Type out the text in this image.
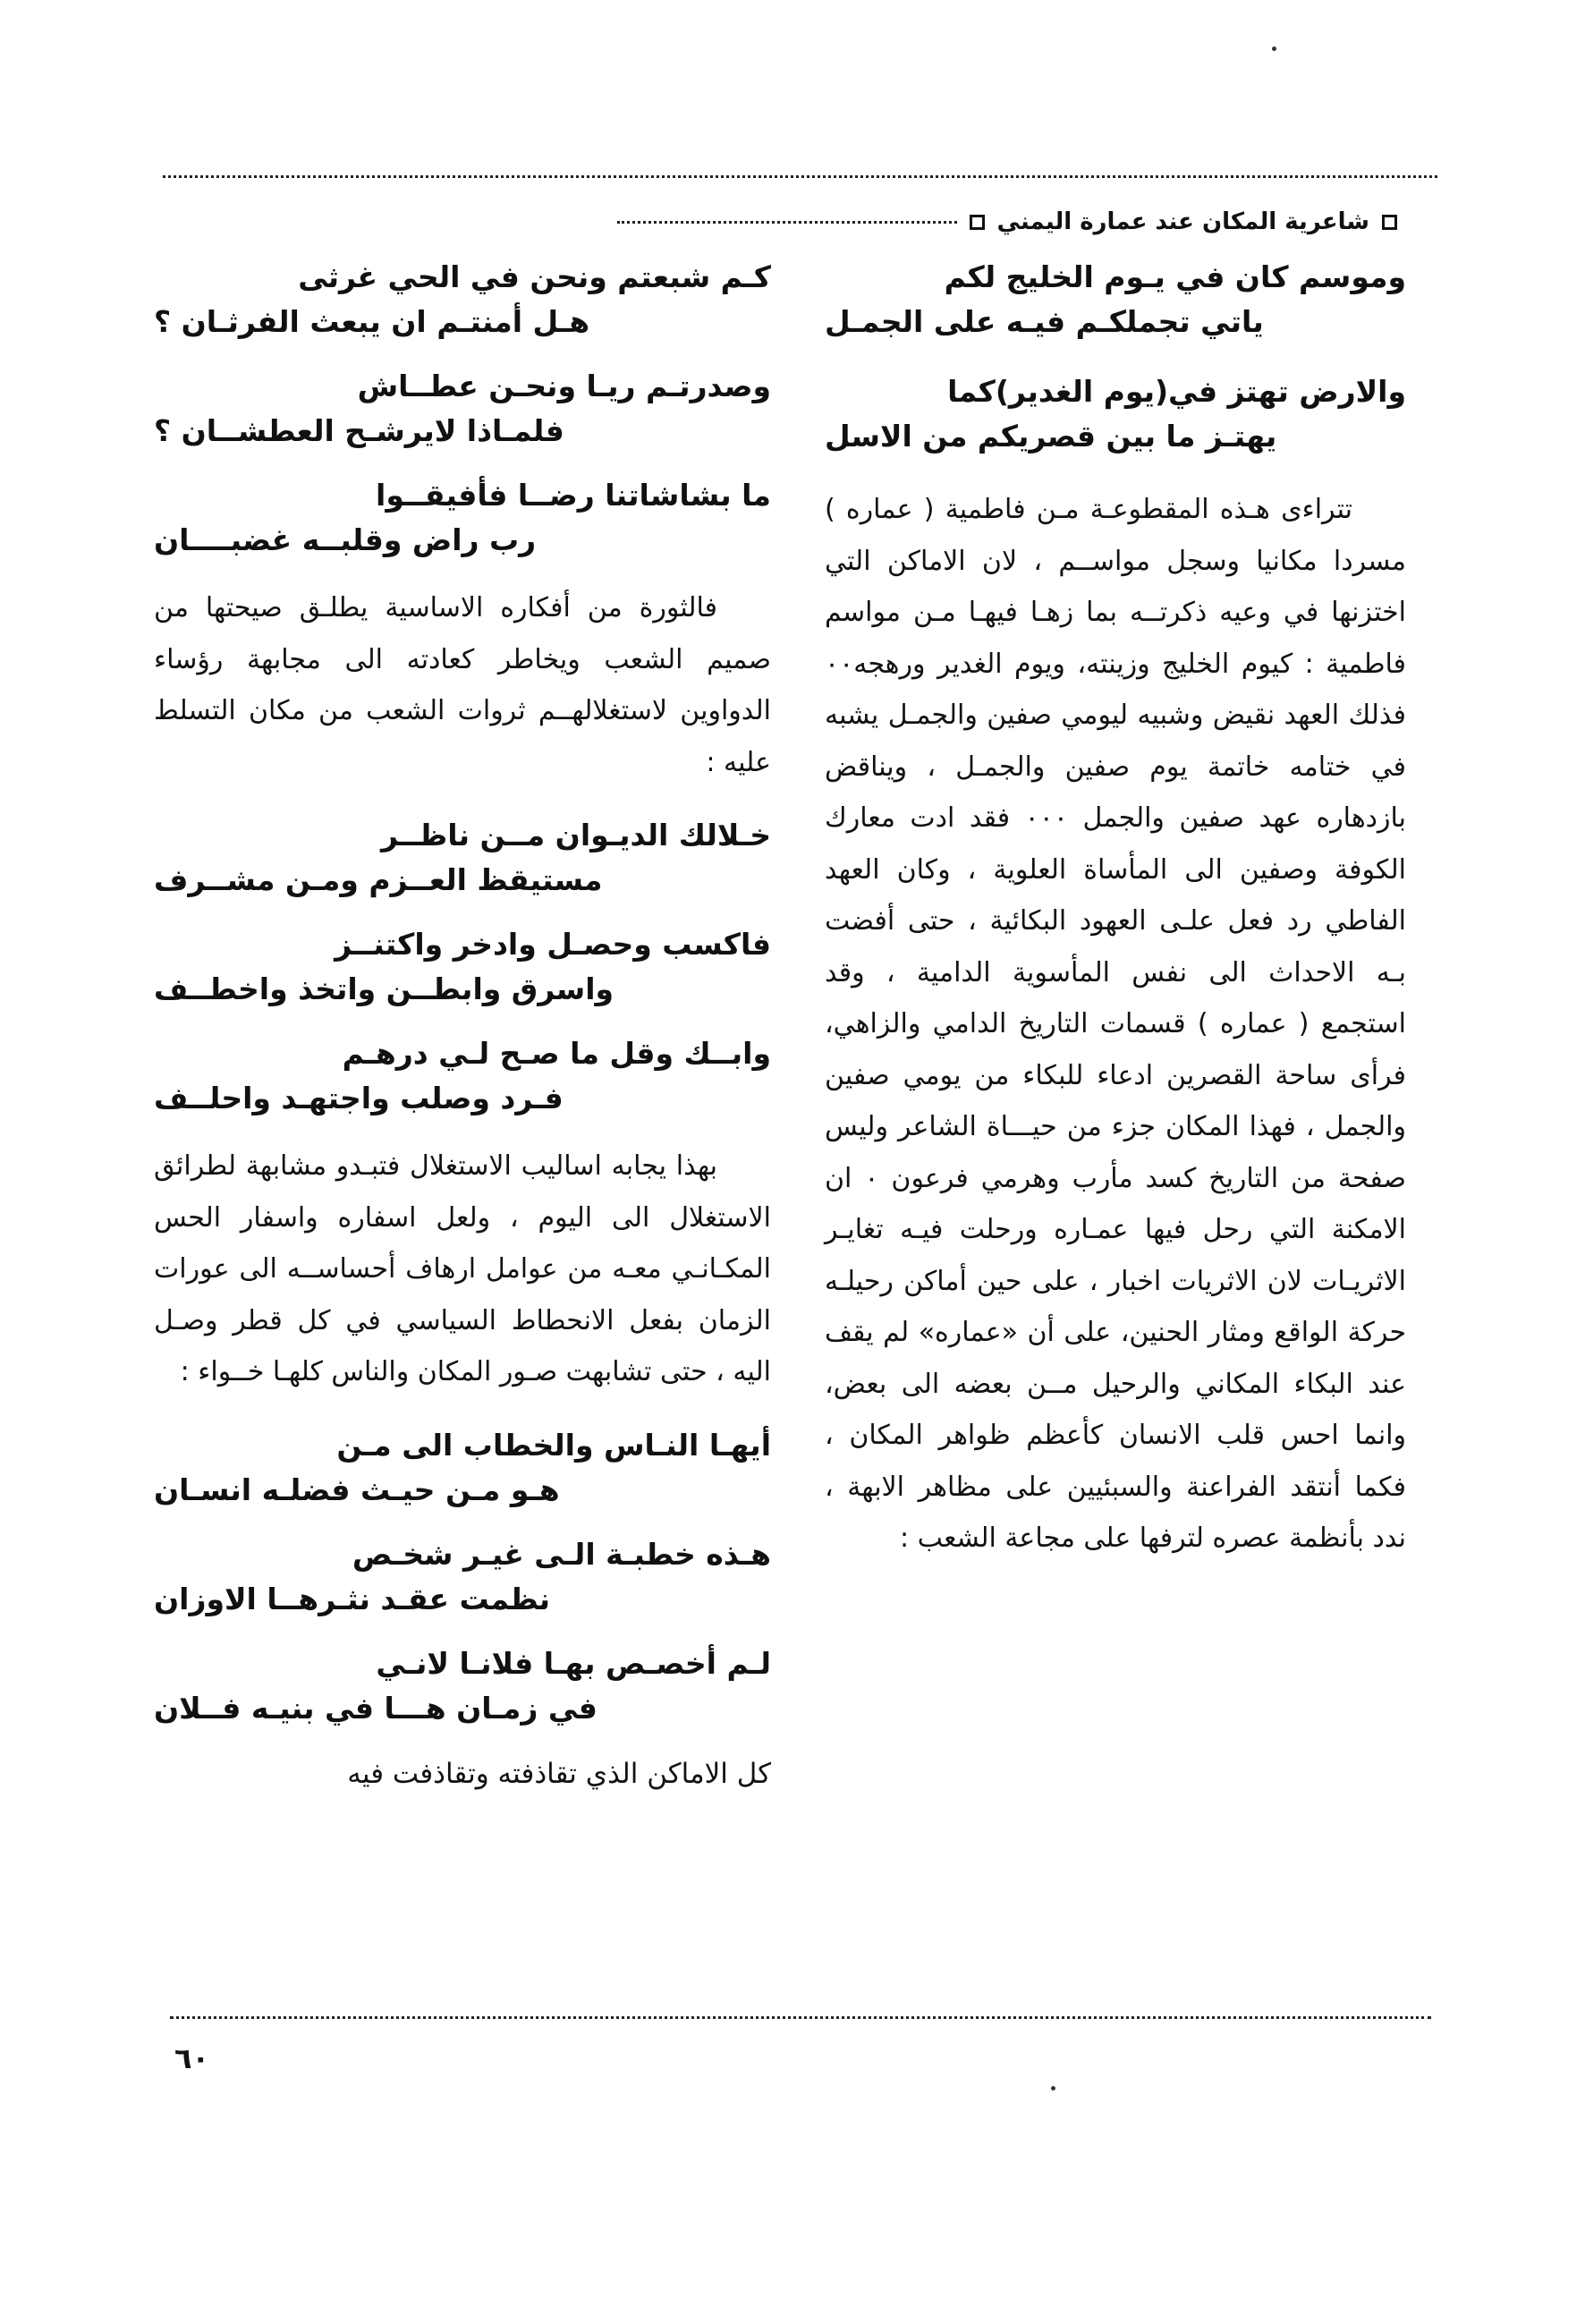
شاعرية المكان عند عمارة اليمني
وموسم كان في يـوم الخليج لكم
ياتي تجملكـم فيـه على الجمـل
والارض تهتز في(يوم الغدير)كما
يهتـز ما بين قصريكم من الاسل

تتراءى هـذه المقطوعـة مـن فاطمية ( عماره ) مسردا مكانيا وسجل مواســم ، لان الاماكن التي اختزنها في وعيه ذكرتــه بما زهـا فيهـا مـن مواسم فاطمية : كيوم الخليج وزينته، ويوم الغدير ورهجه٠٠ فذلك العهد نقيض وشبيه ليومي صفين والجمـل يشبه في ختامه خاتمة يوم صفين والجمـل ، ويناقض بازدهاره عهد صفين والجمل ٠٠٠ فقد ادت معارك الكوفة وصفين الى المأساة العلوية ، وكان العهد الفاطي رد فعل علـى العهود البكائية ، حتى أفضت بـه الاحداث الى نفس المأسوية الدامية ، وقد استجمع ( عماره ) قسمات التاريخ الدامي والزاهي، فرأى ساحة القصرين ادعاء للبكاء من يومي صفين والجمل ، فهذا المكان جزء من حيـــاة الشاعر وليس صفحة من التاريخ كسد مأرب وهرمي فرعون ٠ ان الامكنة التي رحل فيها عمـاره ورحلت فيـه تغايـر الاثريـات لان الاثريات اخبار ، على حين أماكن رحيلـه حركة الواقع ومثار الحنين، على أن «عماره» لم يقف عند البكاء المكاني والرحيل مــن بعضه الى بعض، وانما احس قلب الانسان كأعظم ظواهر المكان ، فكما أنتقد الفراعنة والسبئيين على مظاهر الابهة ، ندد بأنظمة عصره لترفها على مجاعة الشعب :

كـم شبعتم ونحن في الحي غرثى
هـل أمنتـم ان يبعث الفرثـان ؟
وصدرتـم ريـا ونحـن عطــاش
فلمـاذا لايرشـح العطشــان ؟
ما بشاشاتنا رضــا فأفيقــوا
رب راض وقلبــه غضبــــان

فالثورة من أفكاره الاساسية يطلـق صيحتها من صميم الشعب ويخاطر كعادته الى مجابهة رؤساء الدواوين لاستغلالهــم ثروات الشعب من مكان التسلط عليه :

خـلالك الديـوان مــن ناظــر
مستيقظ العــزم ومـن مشــرف
فاكسب وحصـل وادخر واكتنــز
واسرق وابطــن واتخذ واخطــف
وابــك وقل ما صـح لـي درهـم
فـرد وصلب واجتهـد واحلــف

بهذا يجابه اساليب الاستغلال فتبـدو مشابهة لطرائق الاستغلال الى اليوم ، ولعل اسفاره واسفار الحس المكـانـي معـه من عوامل ارهاف أحساســه الى عورات الزمان بفعل الانحطاط السياسي في كل قطر وصـل اليه ، حتى تشابهت صـور المكان والناس كلهـا خــواء :

أيهـا النـاس والخطاب الى مـن
هـو مـن حيـث فضلـه انسـان
هـذه خطبـة الـى غيـر شخـص
نظمت عقـد نثـرهــا الاوزان
لـم أخصـص بهـا فلانـا لانـي
في زمـان هـــا في بنيـه فــلان
كل الاماكن الذي تقاذفته وتقاذفت فيه
٦٠
